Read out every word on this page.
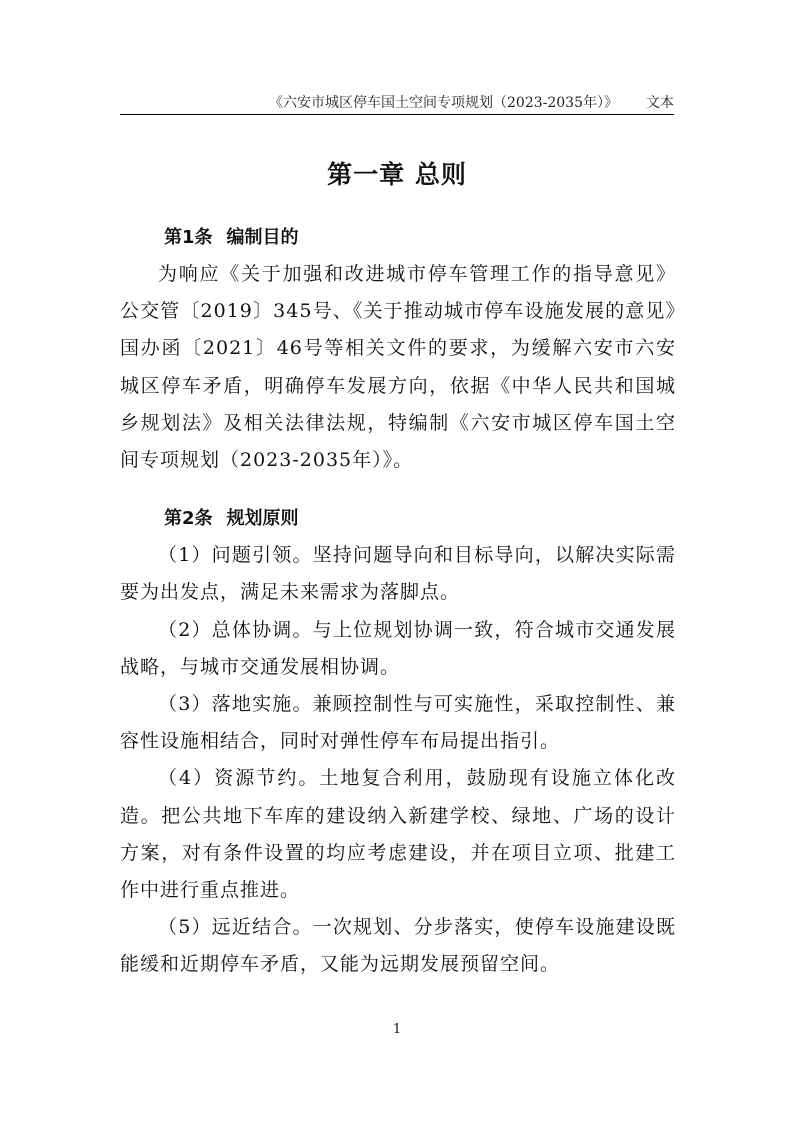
《六安市城区停车国土空间专项规划（2023-2035年）》 文本
第一章 总则
第1条 编制目的

为响应《关于加强和改进城市停车管理工作的指导意见》公交管〔2019〕345号、《关于推动城市停车设施发展的意见》国办函〔2021〕46号等相关文件的要求，为缓解六安市六安城区停车矛盾，明确停车发展方向，依据《中华人民共和国城乡规划法》及相关法律法规，特编制《六安市城区停车国土空间专项规划（2023-2035年）》。

第2条 规划原则

（1）问题引领。坚持问题导向和目标导向，以解决实际需要为出发点，满足未来需求为落脚点。

（2）总体协调。与上位规划协调一致，符合城市交通发展战略，与城市交通发展相协调。

（3）落地实施。兼顾控制性与可实施性，采取控制性、兼容性设施相结合，同时对弹性停车布局提出指引。

（4）资源节约。土地复合利用，鼓励现有设施立体化改造。把公共地下车库的建设纳入新建学校、绿地、广场的设计方案，对有条件设置的均应考虑建设，并在项目立项、批建工作中进行重点推进。

（5）远近结合。一次规划、分步落实，使停车设施建设既能缓和近期停车矛盾，又能为远期发展预留空间。

1
